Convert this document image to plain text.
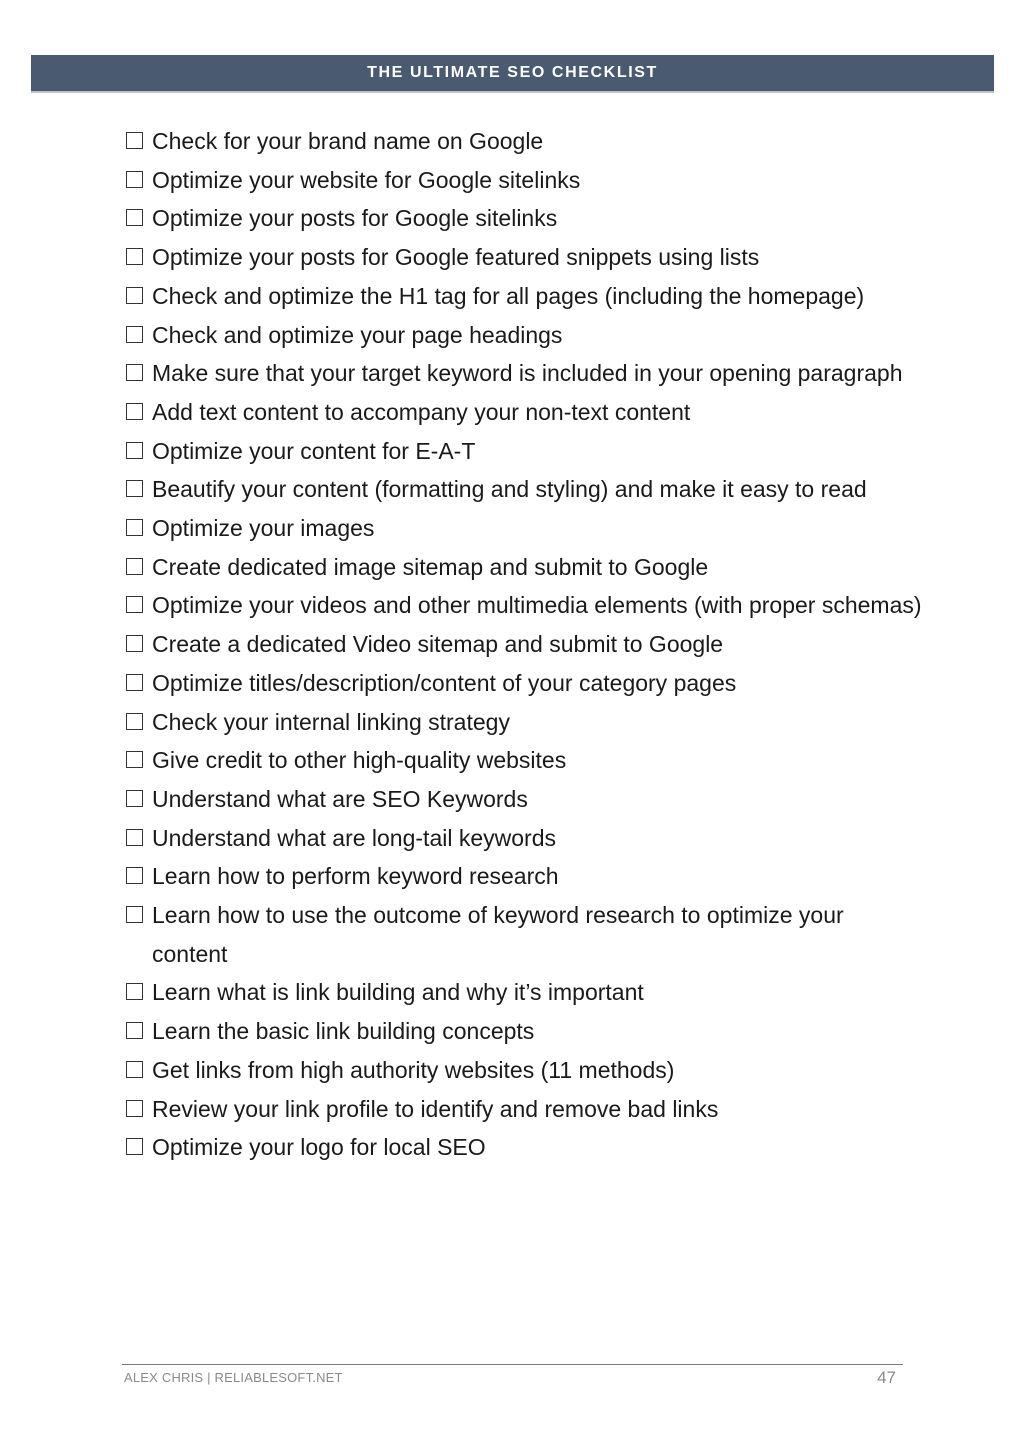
THE ULTIMATE SEO CHECKLIST
Check for your brand name on Google
Optimize your website for Google sitelinks
Optimize your posts for Google sitelinks
Optimize your posts for Google featured snippets using lists
Check and optimize the H1 tag for all pages (including the homepage)
Check and optimize your page headings
Make sure that your target keyword is included in your opening paragraph
Add text content to accompany your non-text content
Optimize your content for E-A-T
Beautify your content (formatting and styling) and make it easy to read
Optimize your images
Create dedicated image sitemap and submit to Google
Optimize your videos and other multimedia elements (with proper schemas)
Create a dedicated Video sitemap and submit to Google
Optimize titles/description/content of your category pages
Check your internal linking strategy
Give credit to other high-quality websites
Understand what are SEO Keywords
Understand what are long-tail keywords
Learn how to perform keyword research
Learn how to use the outcome of keyword research to optimize your content
Learn what is link building and why it’s important
Learn the basic link building concepts
Get links from high authority websites (11 methods)
Review your link profile to identify and remove bad links
Optimize your logo for local SEO
ALEX CHRIS | RELIABLESOFT.NET	47
